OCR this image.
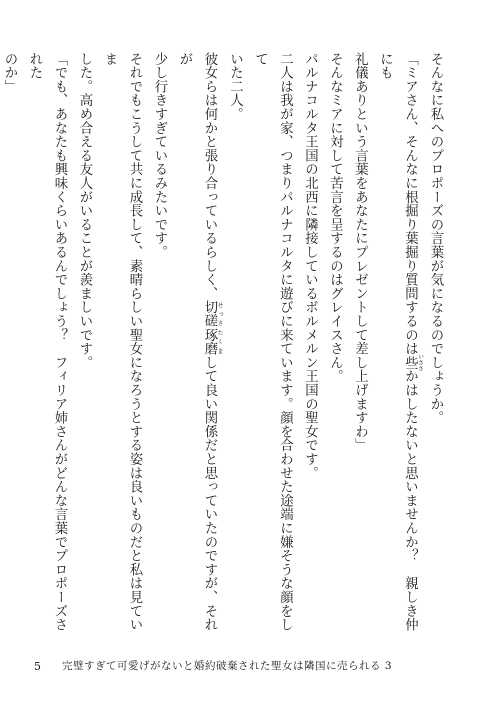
そんなに私へのプロポーズの言葉が気になるのでしょうか。

「ミアさん、そんなに根掘り葉掘り質問するのは些 いささかはしたないと思いませんか？　親しき仲にも

礼儀ありという言葉をあなたにプレゼントして差し上げますわ」

そんなミアに対して苦言を呈するのはグレイスさん。

パルナコルタ王国の北西に隣接しているボルメルン王国の聖女です。

二人は我が家、つまりパルナコルタに遊びに来ています。顔を合わせた途端に嫌そうな顔をして

いた二人。

彼女らは何かと張り合っているらしく、切磋 せっさ琢磨 たくまして良い関係だと思っていたのですが、それが

少し行きすぎているみたいです。

それでもこうして共に成長して、素晴らしい聖女になろうとする姿は良いものだと私は見ていま

した。高め合える友人がいることが羨ましいです。

「でも、あなたも興味くらいあるんでしょう？　フィリア姉さんがどんな言葉でプロポーズされた

のか」

5 完璧すぎて可愛げがないと婚約破棄された聖女は隣国に売られる 3
